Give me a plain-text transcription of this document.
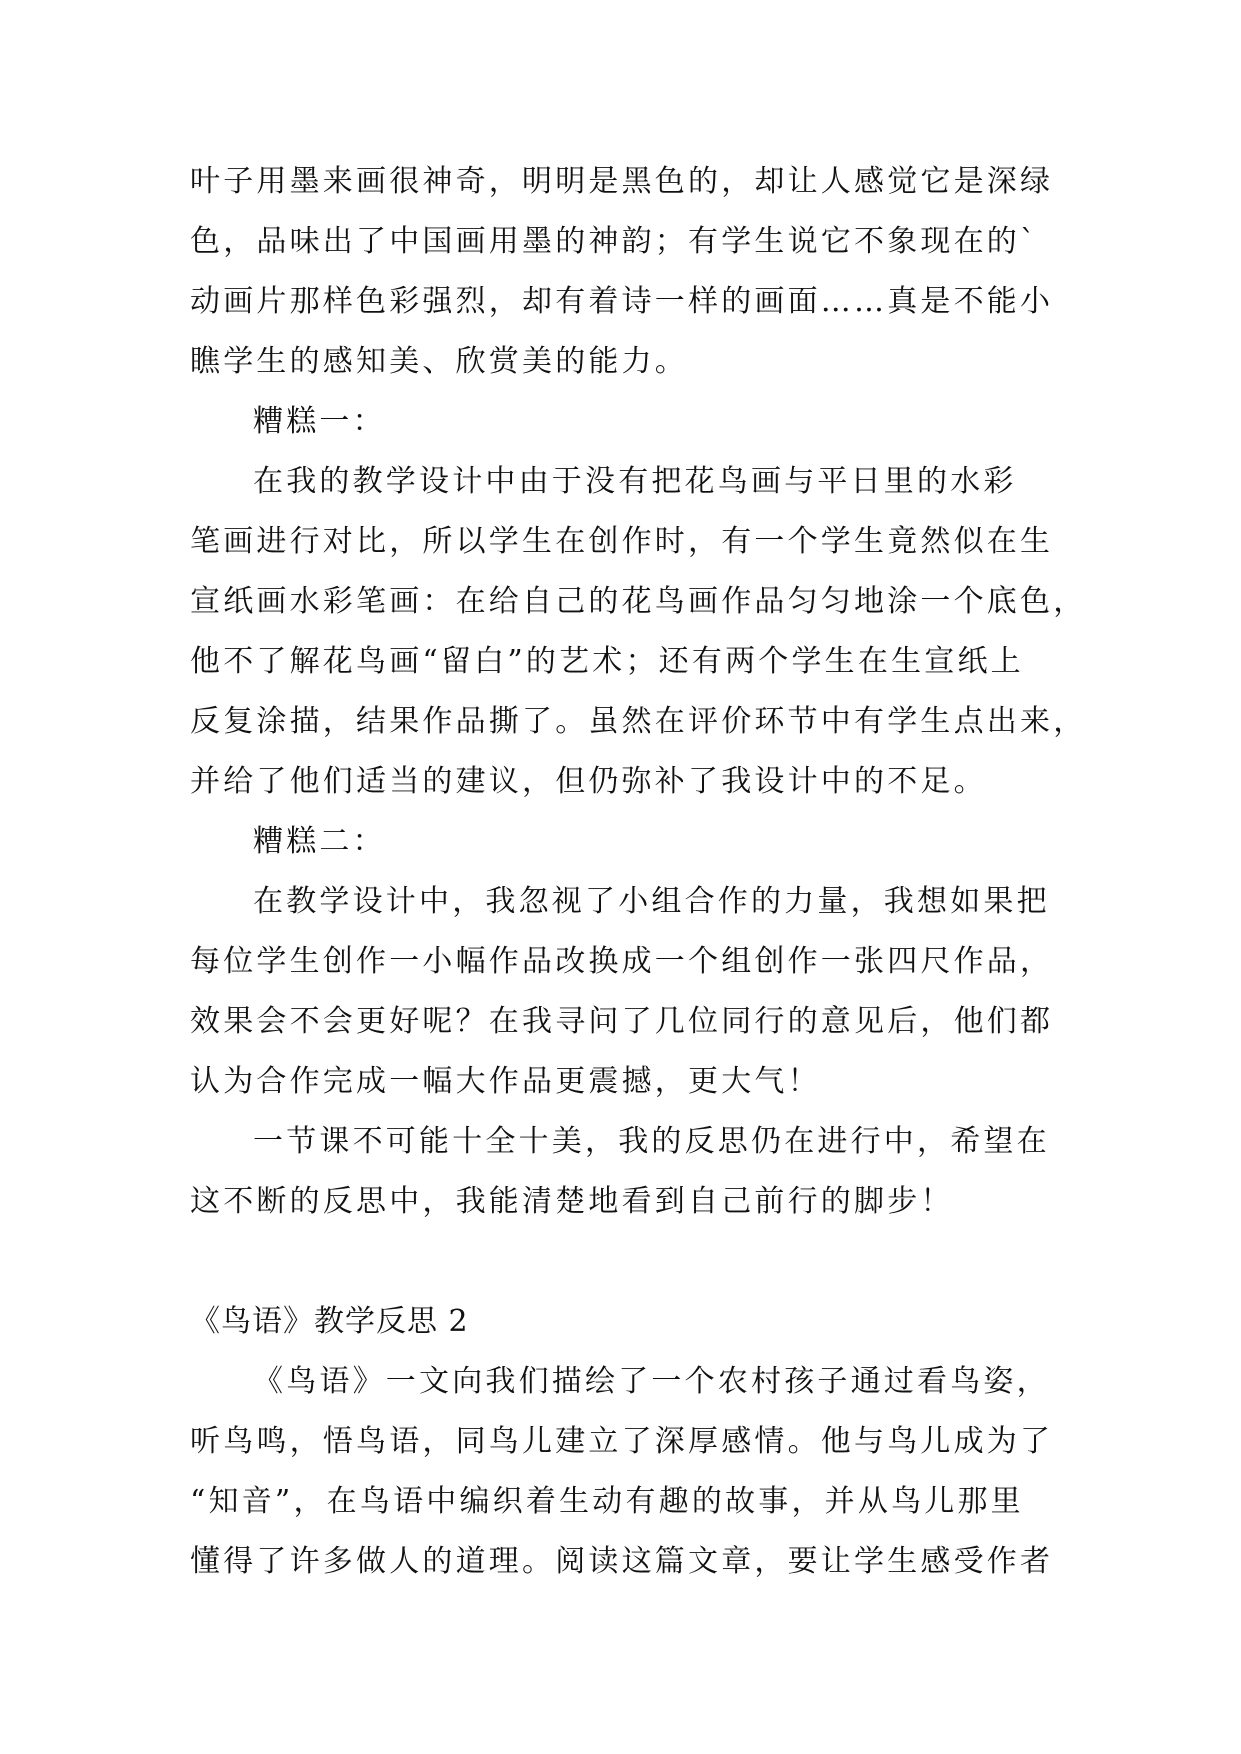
叶子用墨来画很神奇，明明是黑色的，却让人感觉它是深绿
色，品味出了中国画用墨的神韵；有学生说它不象现在的`
动画片那样色彩强烈，却有着诗一样的画面……真是不能小
瞧学生的感知美、欣赏美的能力。
糟糕一：
在我的教学设计中由于没有把花鸟画与平日里的水彩
笔画进行对比，所以学生在创作时，有一个学生竟然似在生
宣纸画水彩笔画：在给自己的花鸟画作品匀匀地涂一个底色，
他不了解花鸟画“留白”的艺术；还有两个学生在生宣纸上
反复涂描，结果作品撕了。虽然在评价环节中有学生点出来，
并给了他们适当的建议，但仍弥补了我设计中的不足。
糟糕二：
在教学设计中，我忽视了小组合作的力量，我想如果把
每位学生创作一小幅作品改换成一个组创作一张四尺作品，
效果会不会更好呢？在我寻问了几位同行的意见后，他们都
认为合作完成一幅大作品更震撼，更大气！
一节课不可能十全十美，我的反思仍在进行中，希望在
这不断的反思中，我能清楚地看到自己前行的脚步！
《鸟语》教学反思 2
《鸟语》一文向我们描绘了一个农村孩子通过看鸟姿，
听鸟鸣，悟鸟语，同鸟儿建立了深厚感情。他与鸟儿成为了
“知音”，在鸟语中编织着生动有趣的故事，并从鸟儿那里
懂得了许多做人的道理。阅读这篇文章，要让学生感受作者
